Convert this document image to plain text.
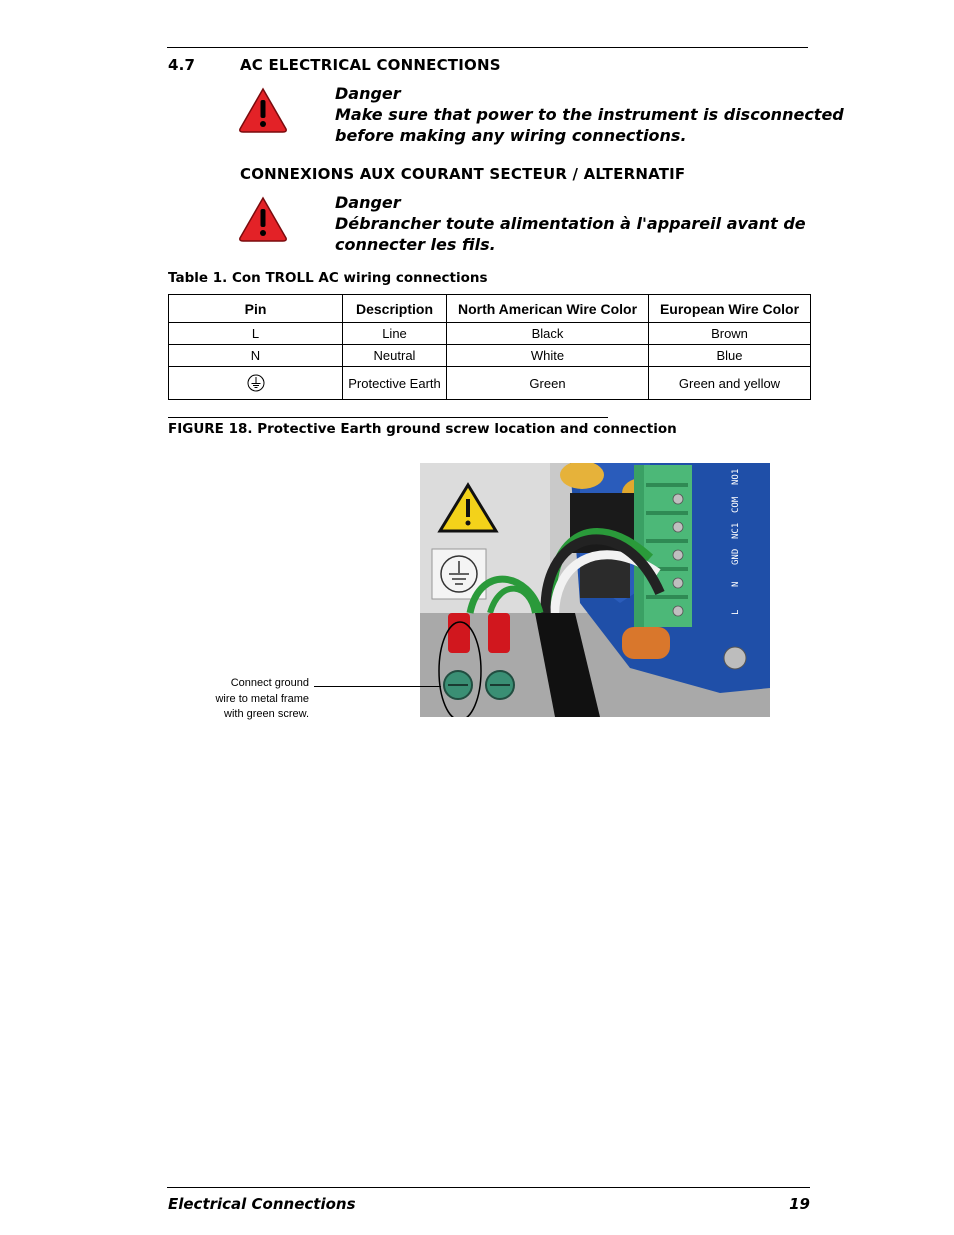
4.7	AC ELECTRICAL CONNECTIONS
Danger
Make sure that power to the instrument is disconnected
before making any wiring connections.
CONNEXIONS AUX COURANT SECTEUR / ALTERNATIF
Danger
Débrancher toute alimentation à l'appareil avant de
connecter les fils.
Table 1. Con TROLL AC wiring connections
Pin	Description	North American Wire Color	European Wire Color
L	Line	Black	Brown
N	Neutral	White	Blue
	Protective Earth	Green	Green and yellow
FIGURE 18. Protective Earth ground screw location and connection
L
N
GND
NC1
COM
NO1
Connect ground
wire to metal frame
with green screw.
Electrical Connections	19
